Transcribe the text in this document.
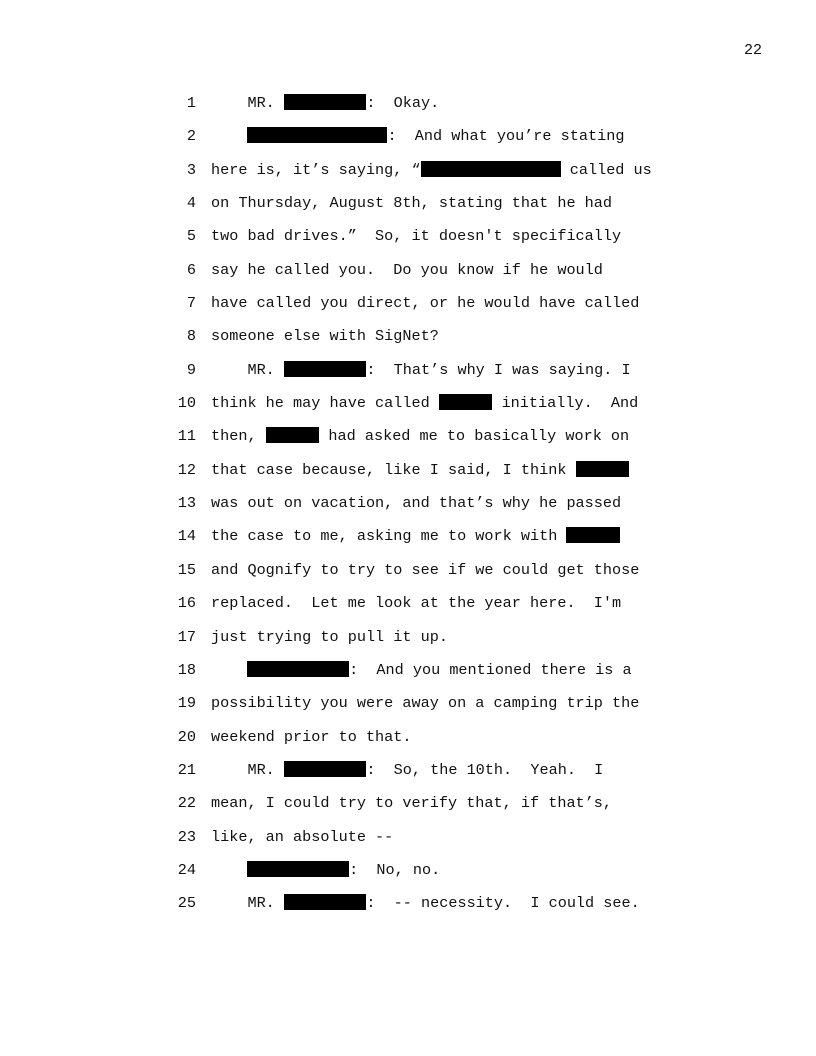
22
1 MR.	:  Okay.
2	:  And what you’re stating
3 here is, it’s saying, “	called us
4 on Thursday, August 8th, stating that he had
5 two bad drives.”  So, it doesn't specifically
6 say he called you.  Do you know if he would
7 have called you direct, or he would have called
8 someone else with SigNet?
9 MR.	:  That’s why I was saying. I
10 think he may have called	initially.  And
11 then,	had asked me to basically work on
12 that case because, like I said, I think
13 was out on vacation, and that’s why he passed
14 the case to me, asking me to work with
15 and Qognify to try to see if we could get those
16 replaced.  Let me look at the year here.  I'm
17 just trying to pull it up.
18	:  And you mentioned there is a
19 possibility you were away on a camping trip the
20 weekend prior to that.
21 MR.	:  So, the 10th.  Yeah.  I
22 mean, I could try to verify that, if that’s,
23 like, an absolute --
24	:  No, no.
25 MR.	:  -- necessity.  I could see.
